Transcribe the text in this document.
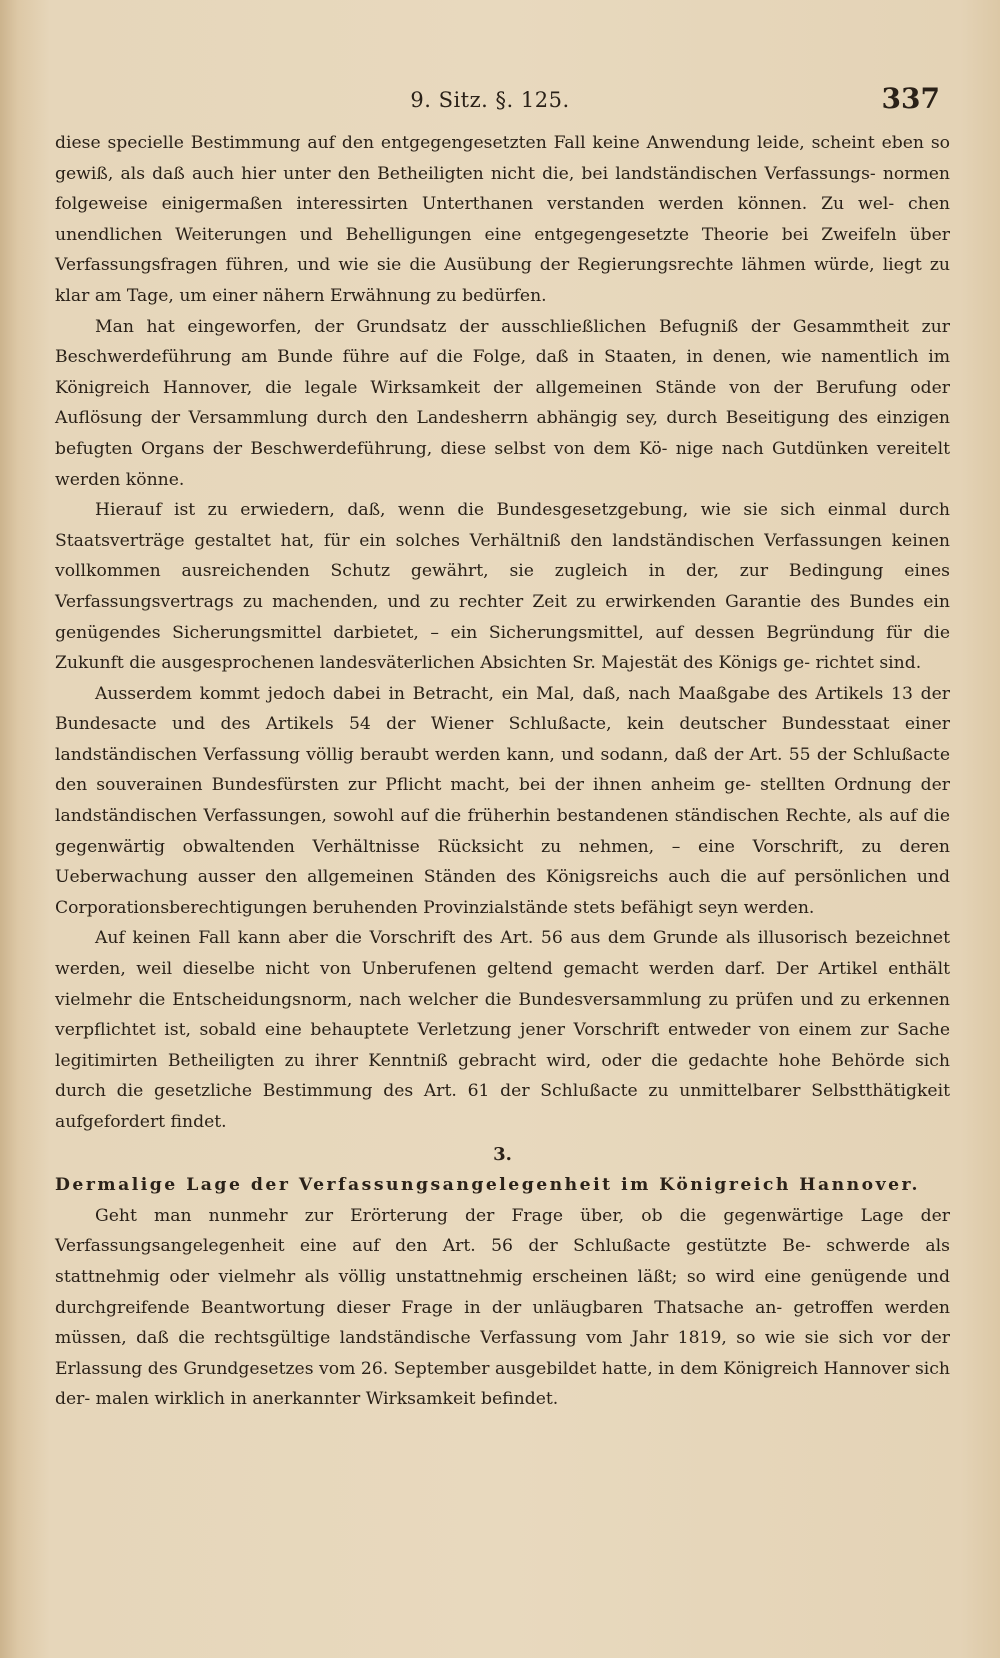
9. Sitz. §. 125.	337

diese specielle Bestimmung auf den entgegengesetzten Fall keine Anwendung leide, scheint eben so gewiß, als daß auch hier unter den Betheiligten nicht die, bei landständischen Verfassungs- normen folgeweise einigermaßen interessirten Unterthanen verstanden werden können. Zu wel- chen unendlichen Weiterungen und Behelligungen eine entgegengesetzte Theorie bei Zweifeln über Verfassungsfragen führen, und wie sie die Ausübung der Regierungsrechte lähmen würde, liegt zu klar am Tage, um einer nähern Erwähnung zu bedürfen.

Man hat eingeworfen, der Grundsatz der ausschließlichen Befugniß der Gesammtheit zur Beschwerdeführung am Bunde führe auf die Folge, daß in Staaten, in denen, wie namentlich im Königreich Hannover, die legale Wirksamkeit der allgemeinen Stände von der Berufung oder Auflösung der Versammlung durch den Landesherrn abhängig sey, durch Beseitigung des einzigen befugten Organs der Beschwerdeführung, diese selbst von dem Kö- nige nach Gutdünken vereitelt werden könne.

Hierauf ist zu erwiedern, daß, wenn die Bundesgesetzgebung, wie sie sich einmal durch Staatsverträge gestaltet hat, für ein solches Verhältniß den landständischen Verfassungen keinen vollkommen ausreichenden Schutz gewährt, sie zugleich in der, zur Bedingung eines Verfassungsvertrags zu machenden, und zu rechter Zeit zu erwirkenden Garantie des Bundes ein genügendes Sicherungsmittel darbietet, – ein Sicherungsmittel, auf dessen Begründung für die Zukunft die ausgesprochenen landesväterlichen Absichten Sr. Majestät des Königs ge- richtet sind.

Ausserdem kommt jedoch dabei in Betracht, ein Mal, daß, nach Maaßgabe des Artikels 13 der Bundesacte und des Artikels 54 der Wiener Schlußacte, kein deutscher Bundesstaat einer landständischen Verfassung völlig beraubt werden kann, und sodann, daß der Art. 55 der Schlußacte den souverainen Bundesfürsten zur Pflicht macht, bei der ihnen anheim ge- stellten Ordnung der landständischen Verfassungen, sowohl auf die früherhin bestandenen ständischen Rechte, als auf die gegenwärtig obwaltenden Verhältnisse Rücksicht zu nehmen, – eine Vorschrift, zu deren Ueberwachung ausser den allgemeinen Ständen des Königsreichs auch die auf persönlichen und Corporationsberechtigungen beruhenden Provinzialstände stets befähigt seyn werden.

Auf keinen Fall kann aber die Vorschrift des Art. 56 aus dem Grunde als illusorisch bezeichnet werden, weil dieselbe nicht von Unberufenen geltend gemacht werden darf. Der Artikel enthält vielmehr die Entscheidungsnorm, nach welcher die Bundesversammlung zu prüfen und zu erkennen verpflichtet ist, sobald eine behauptete Verletzung jener Vorschrift entweder von einem zur Sache legitimirten Betheiligten zu ihrer Kenntniß gebracht wird, oder die gedachte hohe Behörde sich durch die gesetzliche Bestimmung des Art. 61 der Schlußacte zu unmittelbarer Selbstthätigkeit aufgefordert findet.

3.

Dermalige Lage der Verfassungsangelegenheit im Königreich Hannover.

Geht man nunmehr zur Erörterung der Frage über, ob die gegenwärtige Lage der Verfassungsangelegenheit eine auf den Art. 56 der Schlußacte gestützte Be- schwerde als stattnehmig oder vielmehr als völlig unstattnehmig erscheinen läßt; so wird eine genügende und durchgreifende Beantwortung dieser Frage in der unläugbaren Thatsache an- getroffen werden müssen, daß die rechtsgültige landständische Verfassung vom Jahr 1819, so wie sie sich vor der Erlassung des Grundgesetzes vom 26. September ausgebildet hatte, in dem Königreich Hannover sich der- malen wirklich in anerkannter Wirksamkeit befindet.
